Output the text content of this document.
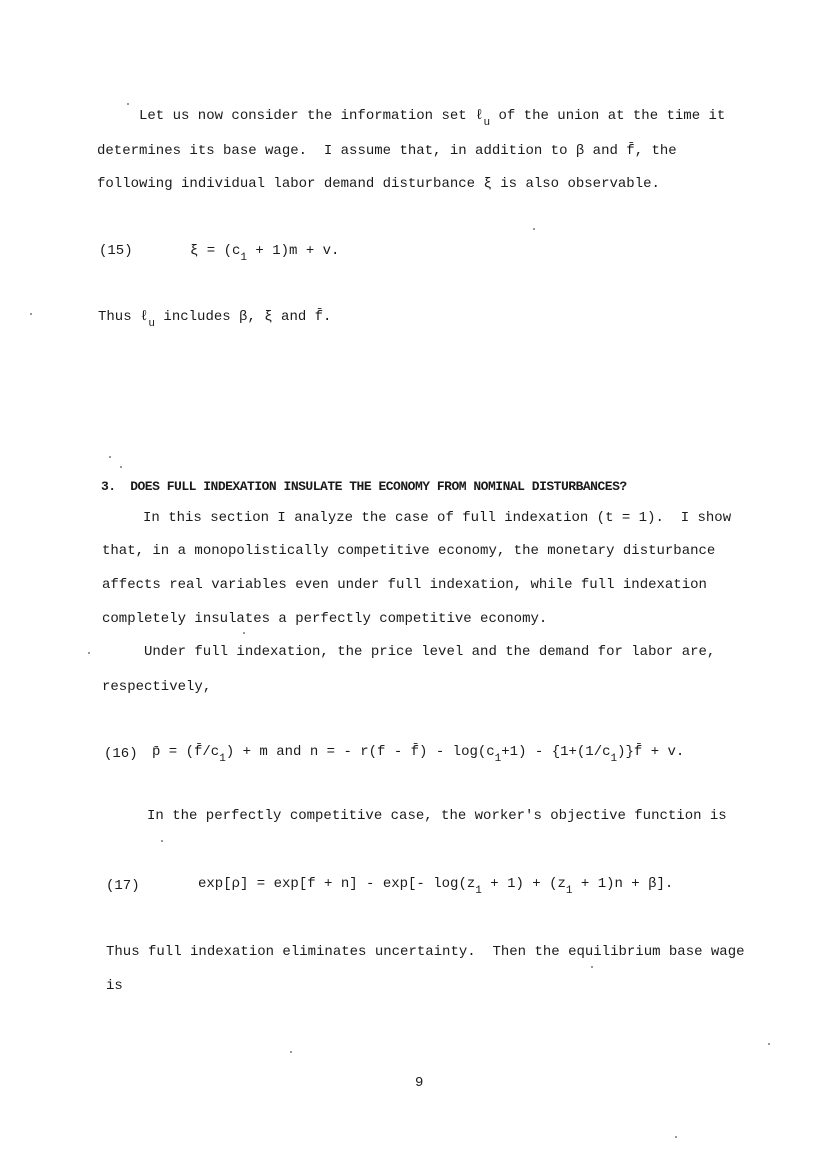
Let us now consider the information set ℓ$_u$ of the union at the time it
determines its base wage.  I assume that, in addition to β and f̄, the
following individual labor demand disturbance ξ is also observable.
(15)	$\xi = (c_1 + 1)m + v$.
Thus ℓ$_u$ includes β, ξ and f̄.
3.  DOES FULL INDEXATION INSULATE THE ECONOMY FROM NOMINAL DISTURBANCES?
In this section I analyze the case of full indexation (t = 1).  I show
that, in a monopolistically competitive economy, the monetary disturbance
affects real variables even under full indexation, while full indexation
completely insulates a perfectly competitive economy.
Under full indexation, the price level and the demand for labor are,
respectively,
(16) p̄ = $(f̄/c_1) + m$ and n = - r(f - f̄) - $\log(c_1+1)$ - $\{1+(1/c_1)\}f̄ + v$.
In the perfectly competitive case, the worker's objective function is
(17)	exp[ρ] = exp[f + n] - exp[- $\log(z_1 + 1) + (z_1 + 1)n + \beta$].
Thus full indexation eliminates uncertainty.  Then the equilibrium base wage
is
9
